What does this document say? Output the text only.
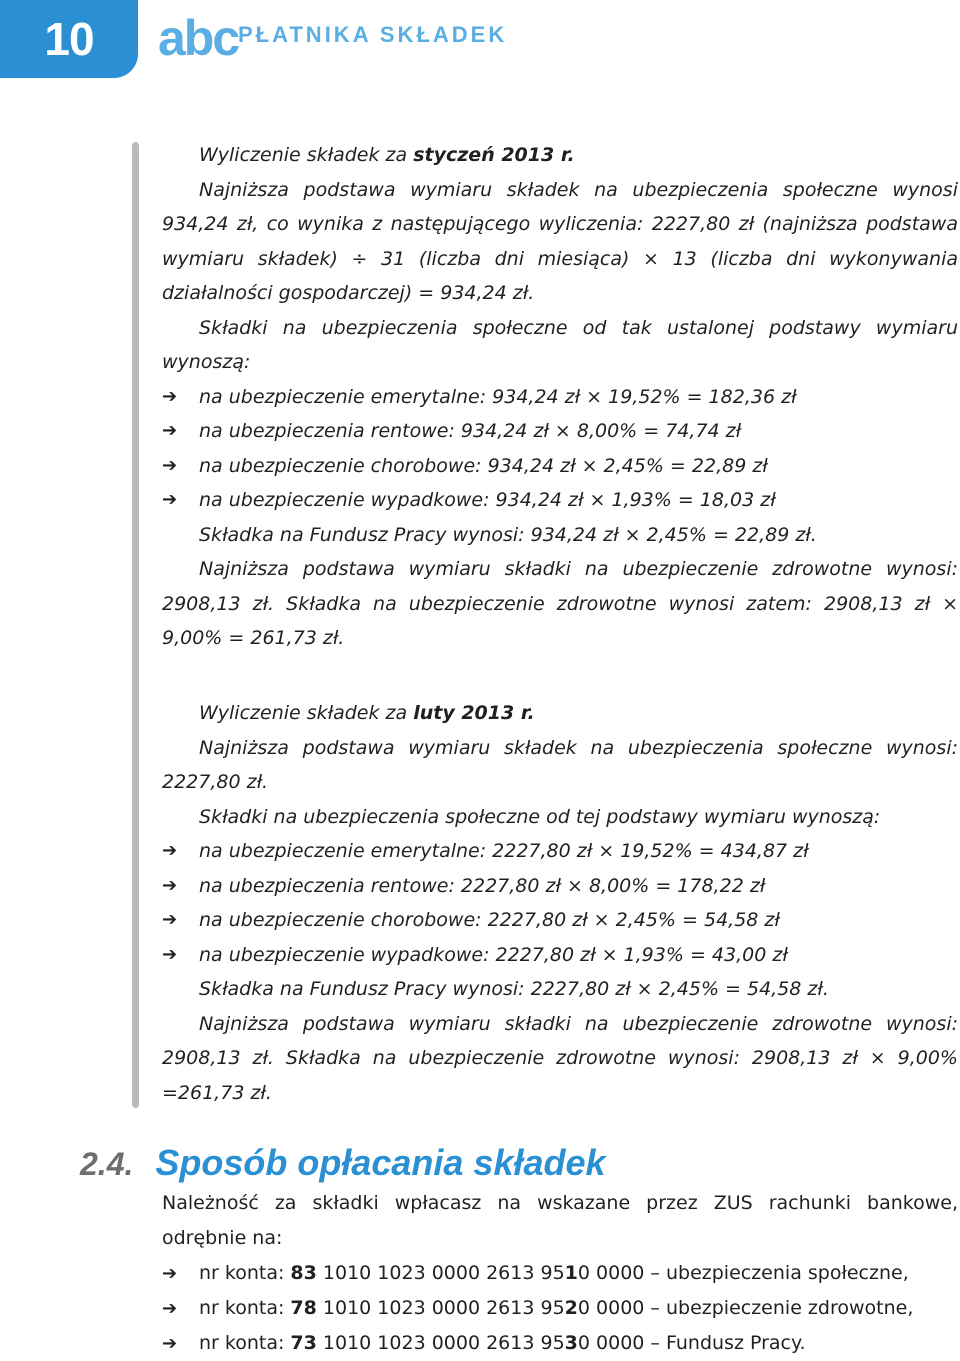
10	abc PŁATNIKA SKŁADEK
Wyliczenie składek za styczeń 2013 r.

Najniższa podstawa wymiaru składek na ubezpieczenia społeczne wynosi 934,24 zł, co wynika z następującego wyliczenia: 2227,80 zł (najniższa podstawa wymiaru składek) ÷ 31 (liczba dni miesiąca) × 13 (liczba dni wykonywania działalności gospodarczej) = 934,24 zł.

Składki na ubezpieczenia społeczne od tak ustalonej podstawy wymiaru wynoszą:

➔ na ubezpieczenie emerytalne: 934,24 zł × 19,52% = 182,36 zł
➔ na ubezpieczenia rentowe: 934,24 zł × 8,00% = 74,74 zł
➔ na ubezpieczenie chorobowe: 934,24 zł × 2,45% = 22,89 zł
➔ na ubezpieczenie wypadkowe: 934,24 zł × 1,93% = 18,03 zł
Składka na Fundusz Pracy wynosi: 934,24 zł × 2,45% = 22,89 zł.

Najniższa podstawa wymiaru składki na ubezpieczenie zdrowotne wynosi: 2908,13 zł. Składka na ubezpieczenie zdrowotne wynosi zatem: 2908,13 zł × 9,00% = 261,73 zł.

Wyliczenie składek za luty 2013 r.

Najniższa podstawa wymiaru składek na ubezpieczenia społeczne wynosi: 2227,80 zł.

Składki na ubezpieczenia społeczne od tej podstawy wymiaru wynoszą:

➔ na ubezpieczenie emerytalne: 2227,80 zł × 19,52% = 434,87 zł
➔ na ubezpieczenia rentowe: 2227,80 zł × 8,00% = 178,22 zł
➔ na ubezpieczenie chorobowe: 2227,80 zł × 2,45% = 54,58 zł
➔ na ubezpieczenie wypadkowe: 2227,80 zł × 1,93% = 43,00 zł
Składka na Fundusz Pracy wynosi: 2227,80 zł × 2,45% = 54,58 zł.

Najniższa podstawa wymiaru składki na ubezpieczenie zdrowotne wynosi: 2908,13 zł. Składka na ubezpieczenie zdrowotne wynosi: 2908,13 zł × 9,00% =261,73 zł.

2.4. Sposób opłacania składek

Należność za składki wpłacasz na wskazane przez ZUS rachunki bankowe, odrębnie na:

➔ nr konta: 83 1010 1023 0000 2613 9510 0000 – ubezpieczenia społeczne,
➔ nr konta: 78 1010 1023 0000 2613 9520 0000 – ubezpieczenie zdrowotne,
➔ nr konta: 73 1010 1023 0000 2613 9530 0000 – Fundusz Pracy.
